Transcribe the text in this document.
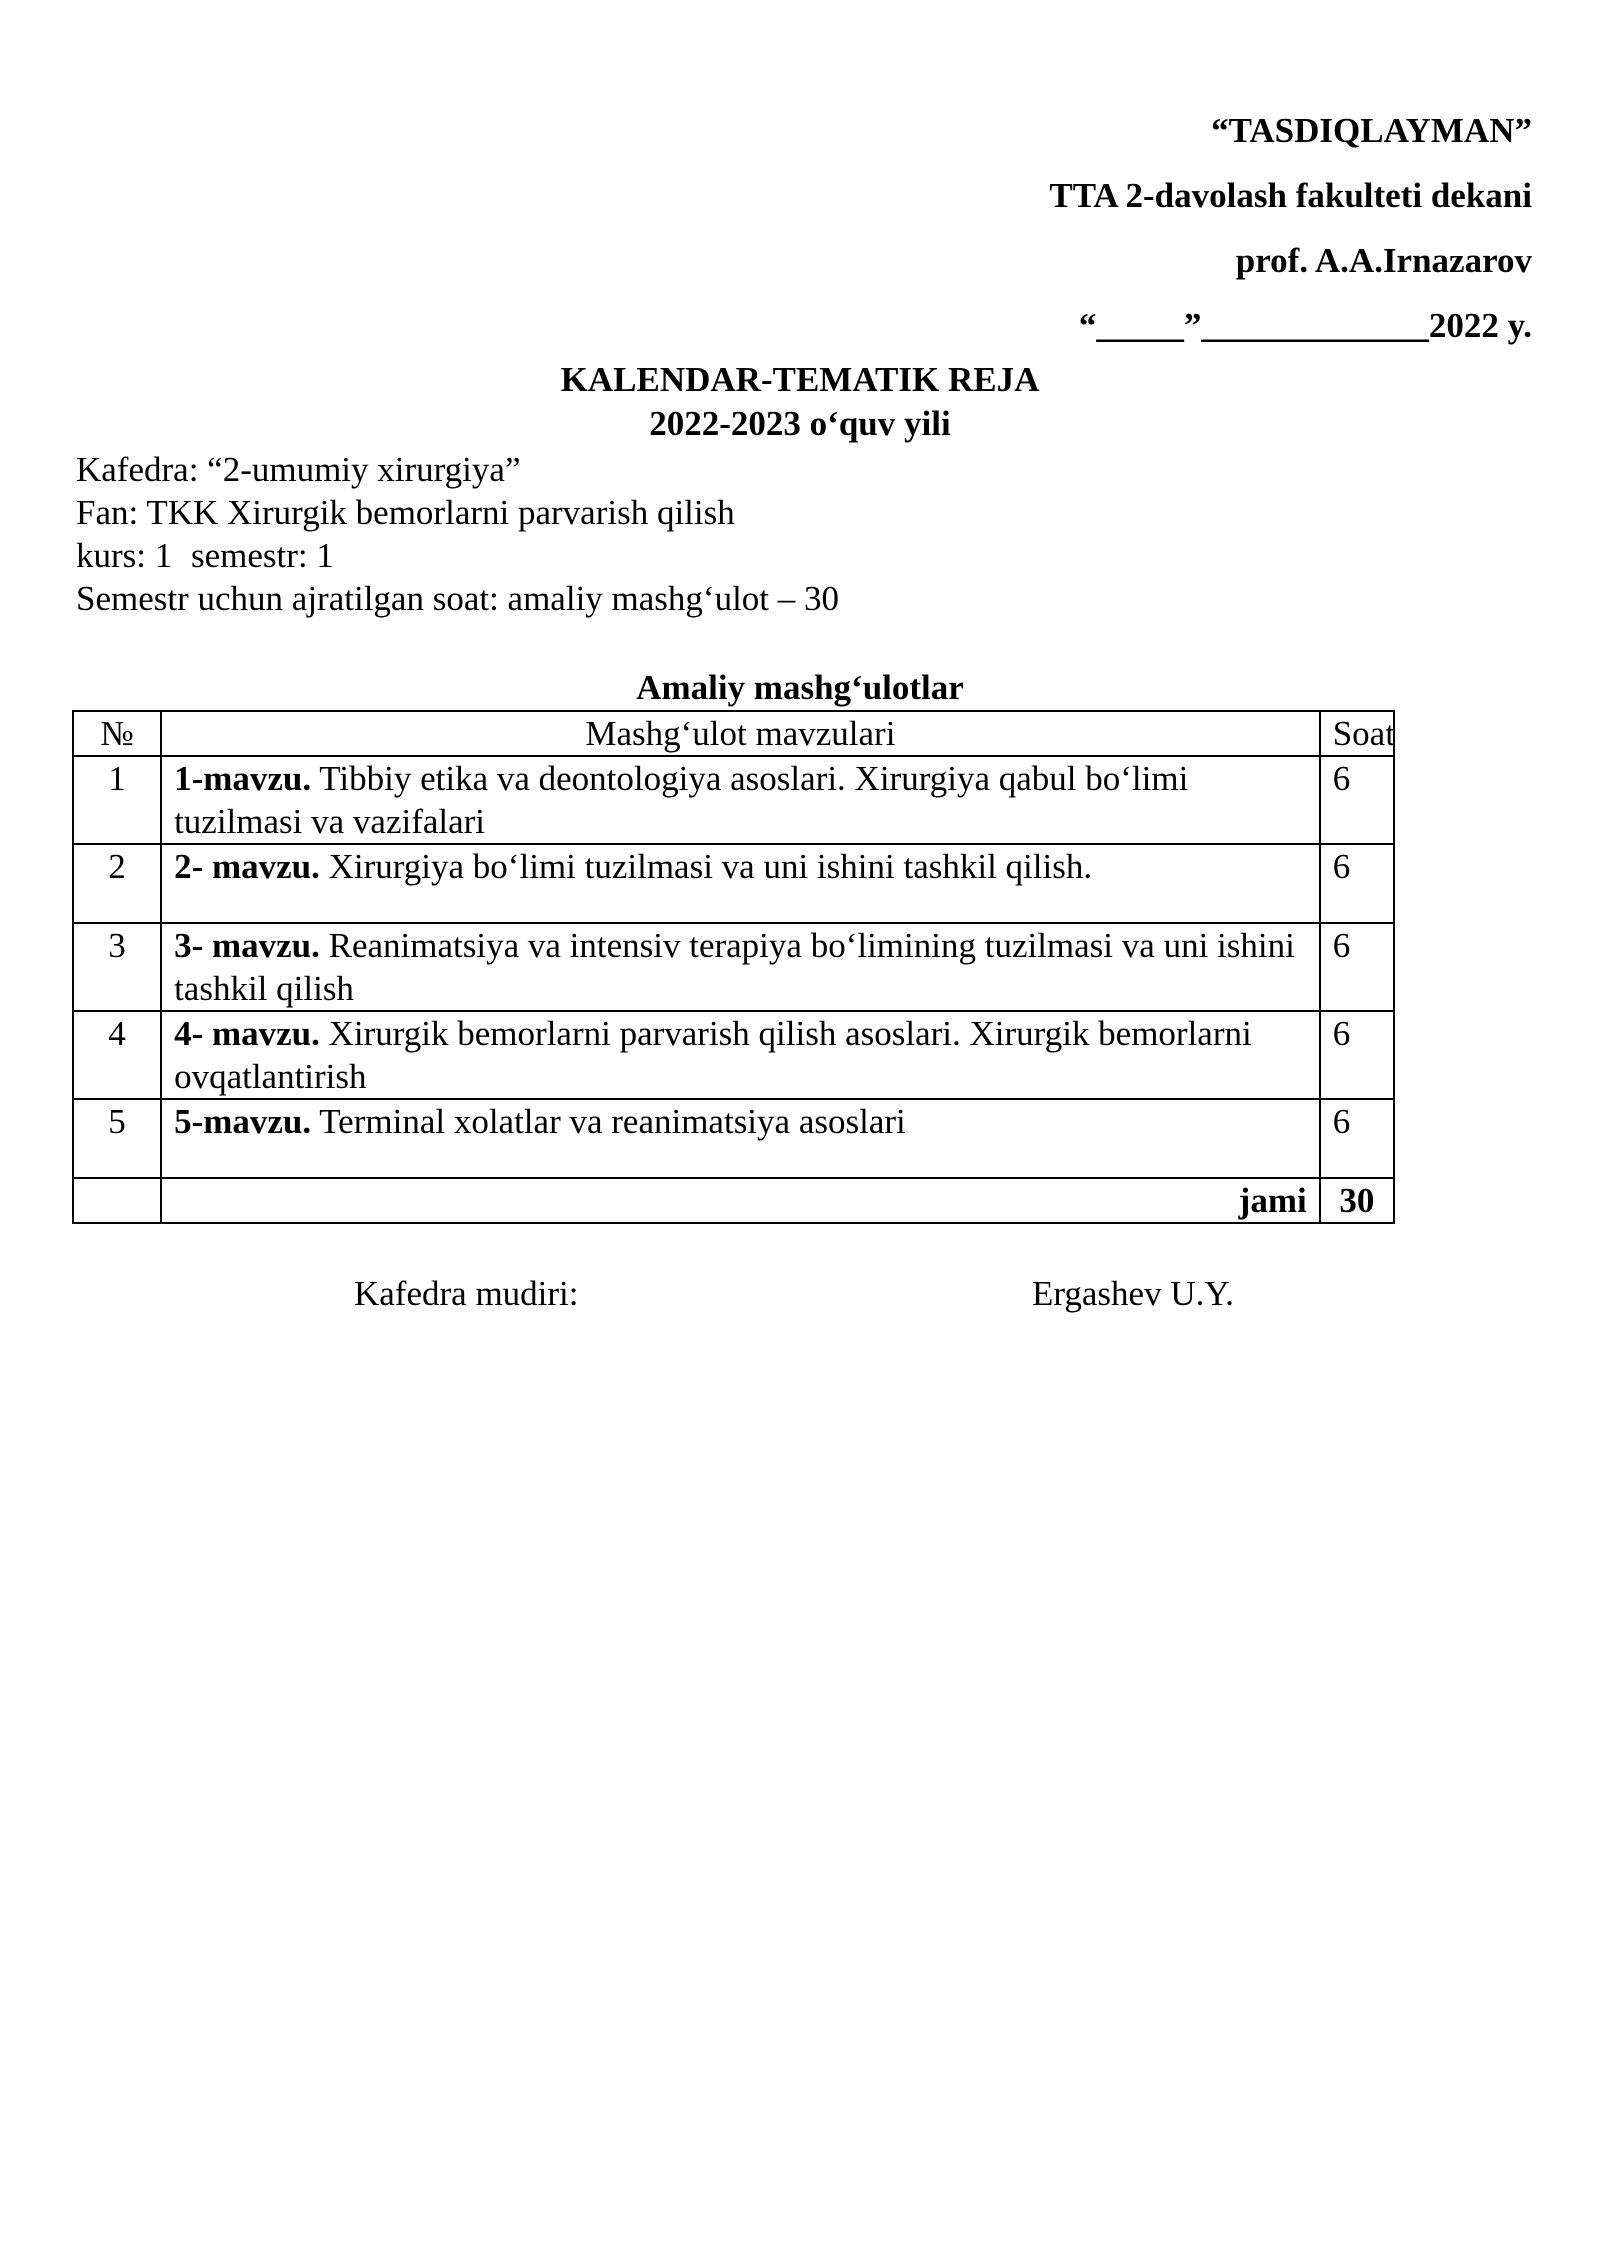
“TASDIQLAYMAN”
TTA 2-davolash fakulteti dekani
prof. A.A.Irnazarov
“_____”_____________2022 y.
KALENDAR-TEMATIK REJA
2022-2023 o‘quv yili
Kafedra: “2-umumiy xirurgiya”
Fan: TKK Xirurgik bemorlarni parvarish qilish
kurs: 1 semestr: 1
Semestr uchun ajratilgan soat: amaliy mashg‘ulot – 30
Amaliy mashg‘ulotlar
№	Mashg‘ulot mavzulari	Soat
1	1-mavzu. Tibbiy etika va deontologiya asoslari. Xirurgiya qabul bo‘limi tuzilmasi va vazifalari	6
2	2- mavzu. Xirurgiya bo‘limi tuzilmasi va uni ishini tashkil qilish.	6
3	3- mavzu. Reanimatsiya va intensiv terapiya bo‘limining tuzilmasi va uni ishini tashkil qilish	6
4	4- mavzu. Xirurgik bemorlarni parvarish qilish asoslari. Xirurgik bemorlarni ovqatlantirish	6
5	5-mavzu. Terminal xolatlar va reanimatsiya asoslari	6
	jami	30
Kafedra mudiri:	Ergashev U.Y.
